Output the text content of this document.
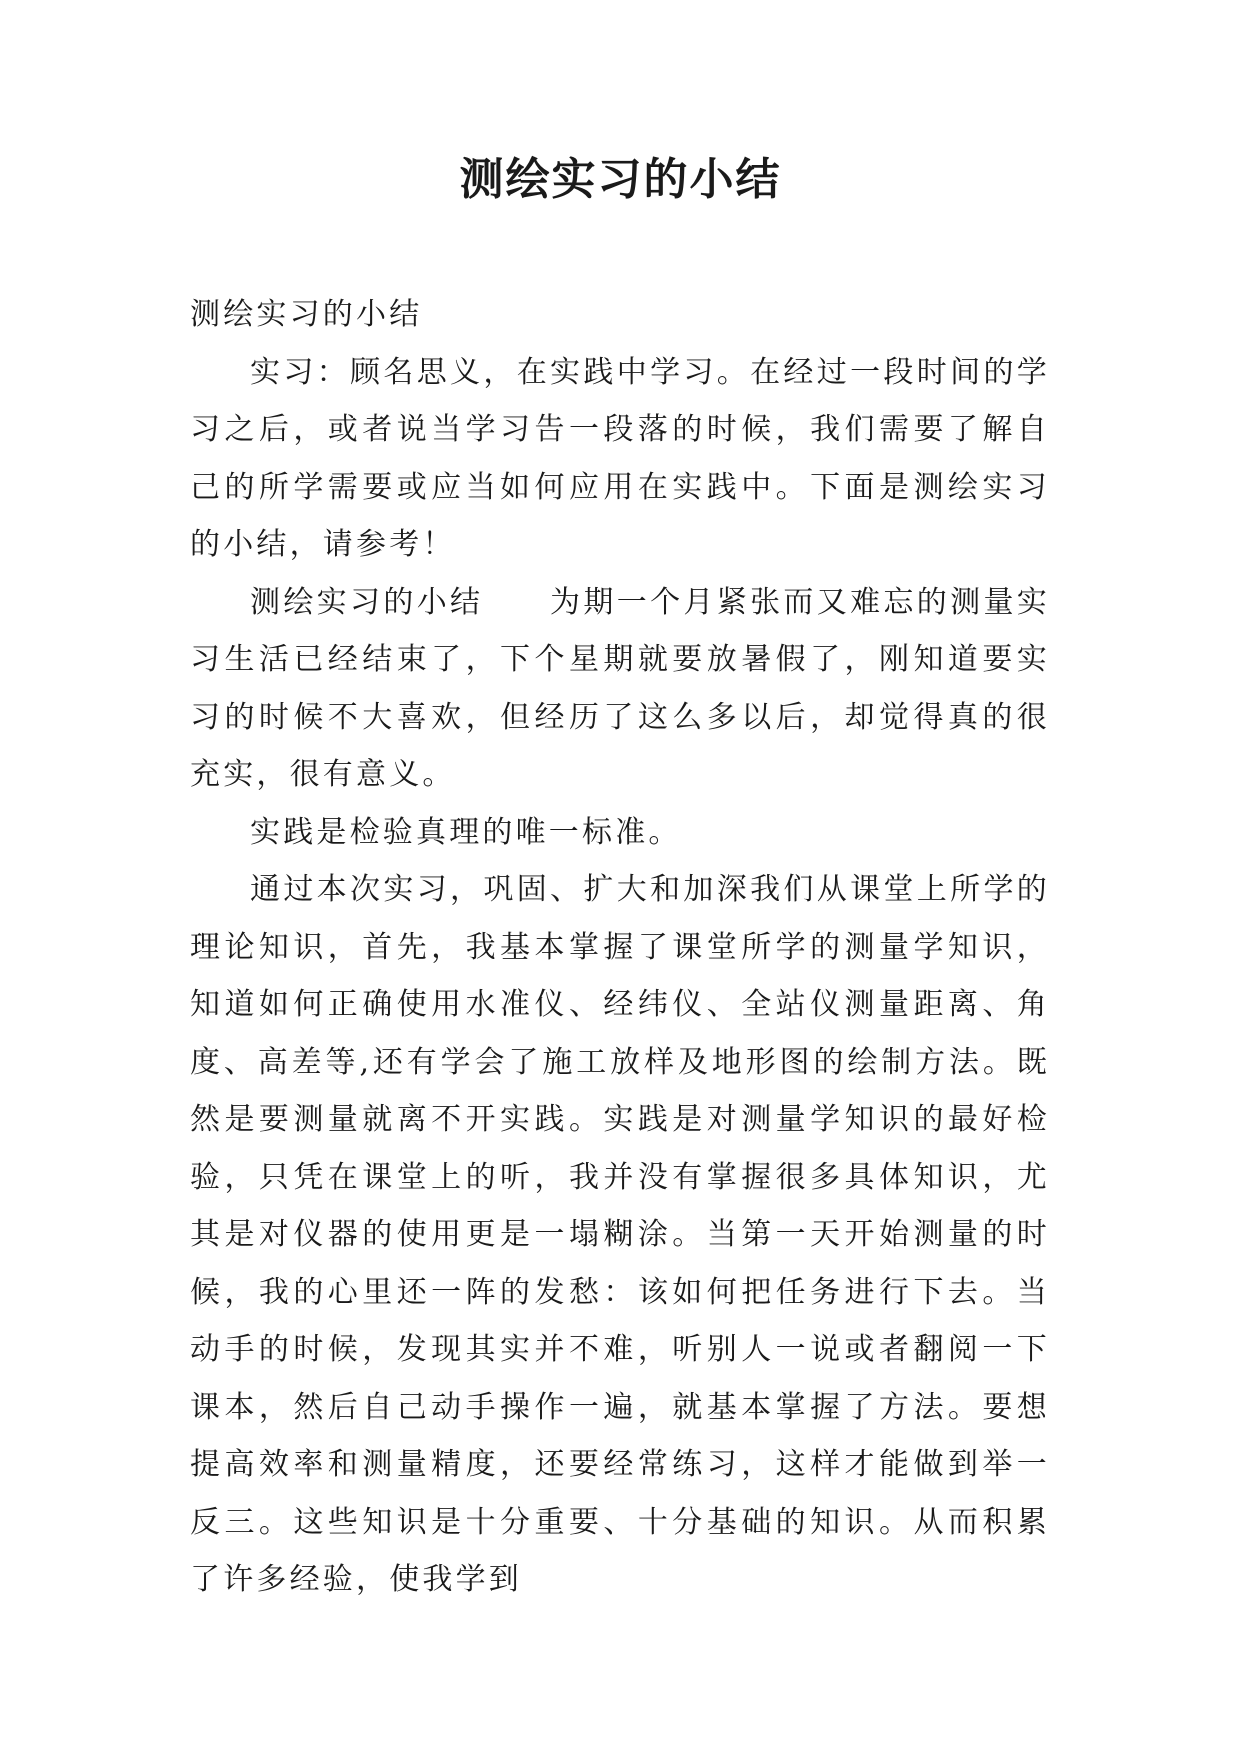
测绘实习的小结

测绘实习的小结

实习：顾名思义，在实践中学习。在经过一段时间的学习之后，或者说当学习告一段落的时候，我们需要了解自己的所学需要或应当如何应用在实践中。下面是测绘实习的小结，请参考！

测绘实习的小结　　为期一个月紧张而又难忘的测量实习生活已经结束了，下个星期就要放暑假了，刚知道要实习的时候不大喜欢，但经历了这么多以后，却觉得真的很充实，很有意义。

实践是检验真理的唯一标准。

通过本次实习，巩固、扩大和加深我们从课堂上所学的理论知识，首先，我基本掌握了课堂所学的测量学知识，知道如何正确使用水准仪、经纬仪、全站仪测量距离、角度、高差等,还有学会了施工放样及地形图的绘制方法。既然是要测量就离不开实践。实践是对测量学知识的最好检验，只凭在课堂上的听，我并没有掌握很多具体知识，尤其是对仪器的使用更是一塌糊涂。当第一天开始测量的时候，我的心里还一阵的发愁：该如何把任务进行下去。当动手的时候，发现其实并不难，听别人一说或者翻阅一下课本，然后自己动手操作一遍，就基本掌握了方法。要想提高效率和测量精度，还要经常练习，这样才能做到举一反三。这些知识是十分重要、十分基础的知识。从而积累了许多经验，使我学到
